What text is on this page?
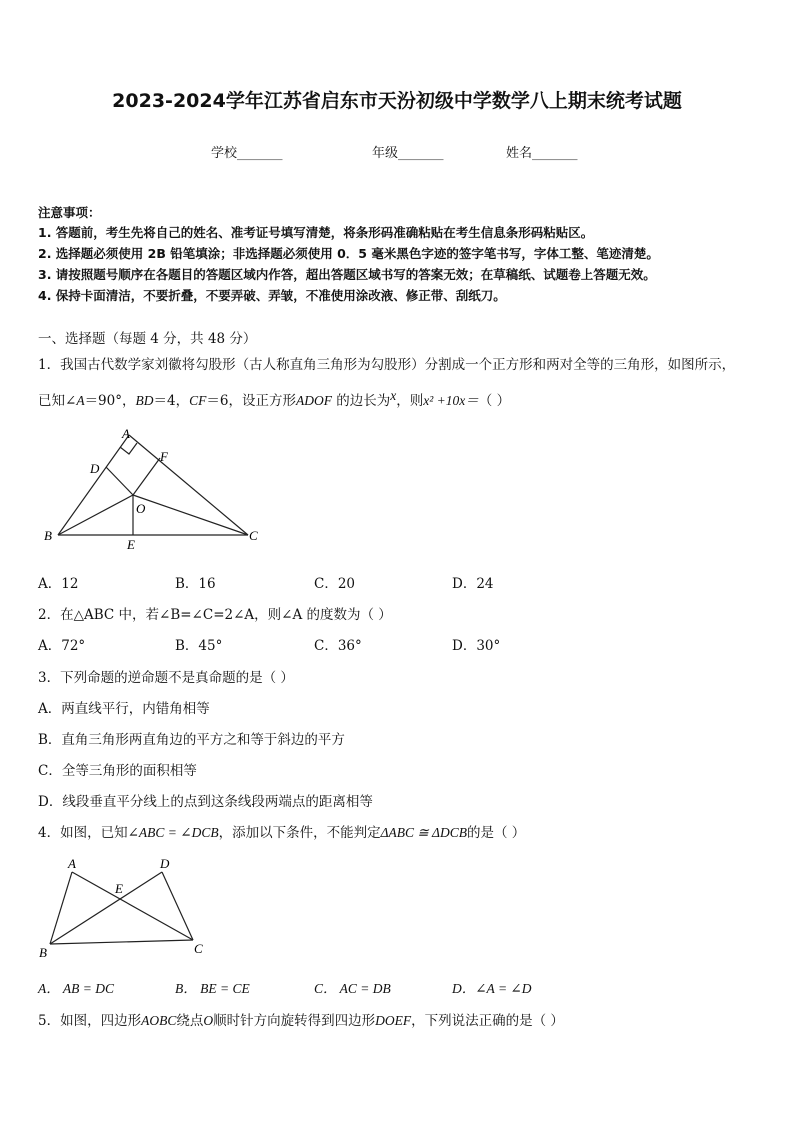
2023-2024学年江苏省启东市天汾初级中学数学八上期末统考试题
学校_______	年级_______	姓名_______
注意事项：
1. 答题前，考生先将自己的姓名、准考证号填写清楚，将条形码准确粘贴在考生信息条形码粘贴区。
2. 选择题必须使用 2B 铅笔填涂；非选择题必须使用 0．5 毫米黑色字迹的签字笔书写，字体工整、笔迹清楚。
3. 请按照题号顺序在各题目的答题区域内作答，超出答题区域书写的答案无效；在草稿纸、试题卷上答题无效。
4. 保持卡面清洁，不要折叠，不要弄破、弄皱，不准使用涂改液、修正带、刮纸刀。
一、选择题（每题 4 分，共 48 分）
1．我国古代数学家刘徽将勾股形（古人称直角三角形为勾股形）分割成一个正方形和两对全等的三角形，如图所示，
已知∠A＝90°，BD＝4，CF＝6，设正方形ADOF 的边长为x，则x² +10x＝（ ）
A
F
D
O
B
E
C
A．12	B．16	C．20	D．24
2．在△ABC 中，若∠B=∠C=2∠A，则∠A 的度数为（ ）
A．72°	B．45°	C．36°	D．30°
3．下列命题的逆命题不是真命题的是（ ）
A．两直线平行，内错角相等
B．直角三角形两直角边的平方之和等于斜边的平方
C．全等三角形的面积相等
D．线段垂直平分线上的点到这条线段两端点的距离相等
4．如图，已知∠ABC = ∠DCB，添加以下条件，不能判定ΔABC ≅ ΔDCB的是（ ）
A	D
E
B	C
A． AB = DC	B． BE = CE	C． AC = DB	D．∠A = ∠D
5．如图，四边形AOBC绕点O顺时针方向旋转得到四边形DOEF，下列说法正确的是（ ）
